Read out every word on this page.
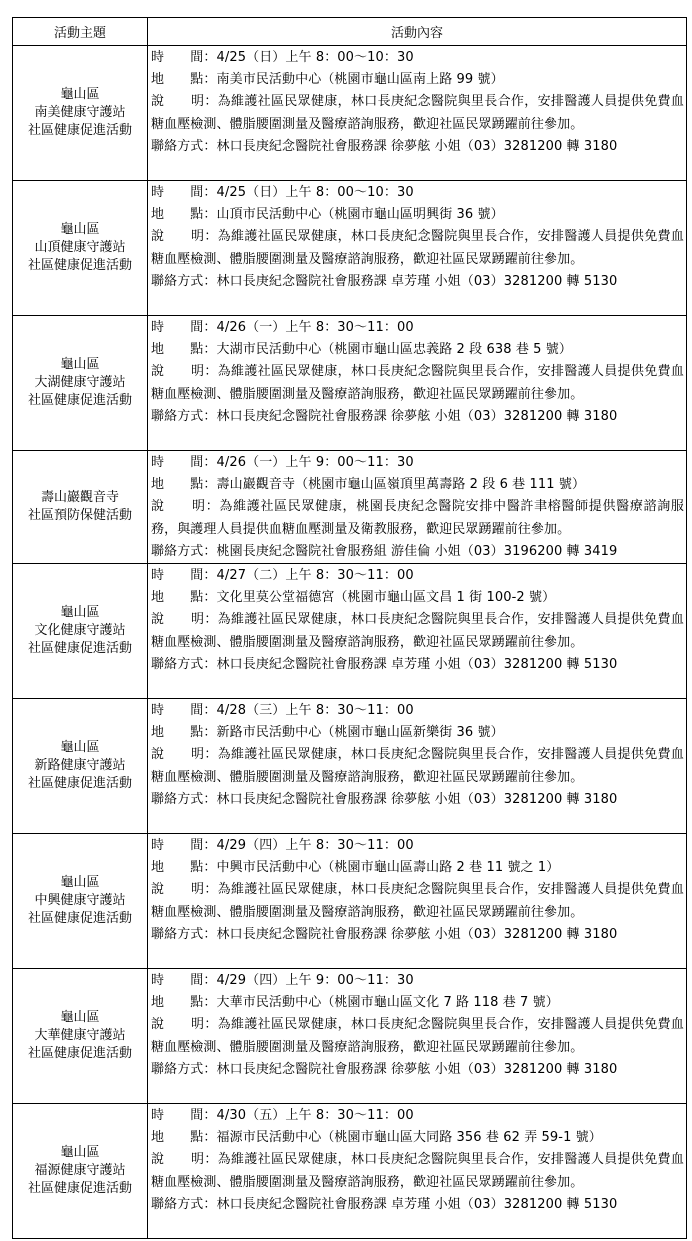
活動主題	活動內容

龜山區
南美健康守護站
社區健康促進活動	時　　間：4/25（日）上午 8：00～10：30
地　　點：南美市民活動中心（桃園市龜山區南上路 99 號）
說　　明：為維護社區民眾健康，林口長庚紀念醫院與里長合作，安排醫護人員提供免費血糖血壓檢測、體脂腰圍測量及醫療諮詢服務，歡迎社區民眾踴躍前往參加。
聯絡方式：林口長庚紀念醫院社會服務課 徐夢舷 小姐（03）3281200 轉 3180

龜山區
山頂健康守護站
社區健康促進活動	時　　間：4/25（日）上午 8：00～10：30
地　　點：山頂市民活動中心（桃園市龜山區明興街 36 號）
說　　明：為維護社區民眾健康，林口長庚紀念醫院與里長合作，安排醫護人員提供免費血糖血壓檢測、體脂腰圍測量及醫療諮詢服務，歡迎社區民眾踴躍前往參加。
聯絡方式：林口長庚紀念醫院社會服務課 卓芳瑾 小姐（03）3281200 轉 5130

龜山區
大湖健康守護站
社區健康促進活動	時　　間：4/26（一）上午 8：30～11：00
地　　點：大湖市民活動中心（桃園市龜山區忠義路 2 段 638 巷 5 號）
說　　明：為維護社區民眾健康，林口長庚紀念醫院與里長合作，安排醫護人員提供免費血糖血壓檢測、體脂腰圍測量及醫療諮詢服務，歡迎社區民眾踴躍前往參加。
聯絡方式：林口長庚紀念醫院社會服務課 徐夢舷 小姐（03）3281200 轉 3180

壽山巖觀音寺
社區預防保健活動	時　　間：4/26（一）上午 9：00～11：30
地　　點：壽山巖觀音寺（桃園市龜山區嶺頂里萬壽路 2 段 6 巷 111 號）
說　　明：為維護社區民眾健康，桃園長庚紀念醫院安排中醫許聿榕醫師提供醫療諮詢服務，與護理人員提供血糖血壓測量及衛教服務，歡迎民眾踴躍前往參加。
聯絡方式：桃園長庚紀念醫院社會服務組 游佳倫 小姐（03）3196200 轉 3419

龜山區
文化健康守護站
社區健康促進活動	時　　間：4/27（二）上午 8：30～11：00
地　　點：文化里莫公堂福德宮（桃園市龜山區文昌 1 街 100-2 號）
說　　明：為維護社區民眾健康，林口長庚紀念醫院與里長合作，安排醫護人員提供免費血糖血壓檢測、體脂腰圍測量及醫療諮詢服務，歡迎社區民眾踴躍前往參加。
聯絡方式：林口長庚紀念醫院社會服務課 卓芳瑾 小姐（03）3281200 轉 5130

龜山區
新路健康守護站
社區健康促進活動	時　　間：4/28（三）上午 8：30～11：00
地　　點：新路市民活動中心（桃園市龜山區新樂街 36 號）
說　　明：為維護社區民眾健康，林口長庚紀念醫院與里長合作，安排醫護人員提供免費血糖血壓檢測、體脂腰圍測量及醫療諮詢服務，歡迎社區民眾踴躍前往參加。
聯絡方式：林口長庚紀念醫院社會服務課 徐夢舷 小姐（03）3281200 轉 3180

龜山區
中興健康守護站
社區健康促進活動	時　　間：4/29（四）上午 8：30～11：00
地　　點：中興市民活動中心（桃園市龜山區壽山路 2 巷 11 號之 1）
說　　明：為維護社區民眾健康，林口長庚紀念醫院與里長合作，安排醫護人員提供免費血糖血壓檢測、體脂腰圍測量及醫療諮詢服務，歡迎社區民眾踴躍前往參加。
聯絡方式：林口長庚紀念醫院社會服務課 徐夢舷 小姐（03）3281200 轉 3180

龜山區
大華健康守護站
社區健康促進活動	時　　間：4/29（四）上午 9：00～11：30
地　　點：大華市民活動中心（桃園市龜山區文化 7 路 118 巷 7 號）
說　　明：為維護社區民眾健康，林口長庚紀念醫院與里長合作，安排醫護人員提供免費血糖血壓檢測、體脂腰圍測量及醫療諮詢服務，歡迎社區民眾踴躍前往參加。
聯絡方式：林口長庚紀念醫院社會服務課 徐夢舷 小姐（03）3281200 轉 3180

龜山區
福源健康守護站
社區健康促進活動	時　　間：4/30（五）上午 8：30～11：00
地　　點：福源市民活動中心（桃園市龜山區大同路 356 巷 62 弄 59-1 號）
說　　明：為維護社區民眾健康，林口長庚紀念醫院與里長合作，安排醫護人員提供免費血糖血壓檢測、體脂腰圍測量及醫療諮詢服務，歡迎社區民眾踴躍前往參加。
聯絡方式：林口長庚紀念醫院社會服務課 卓芳瑾 小姐（03）3281200 轉 5130
